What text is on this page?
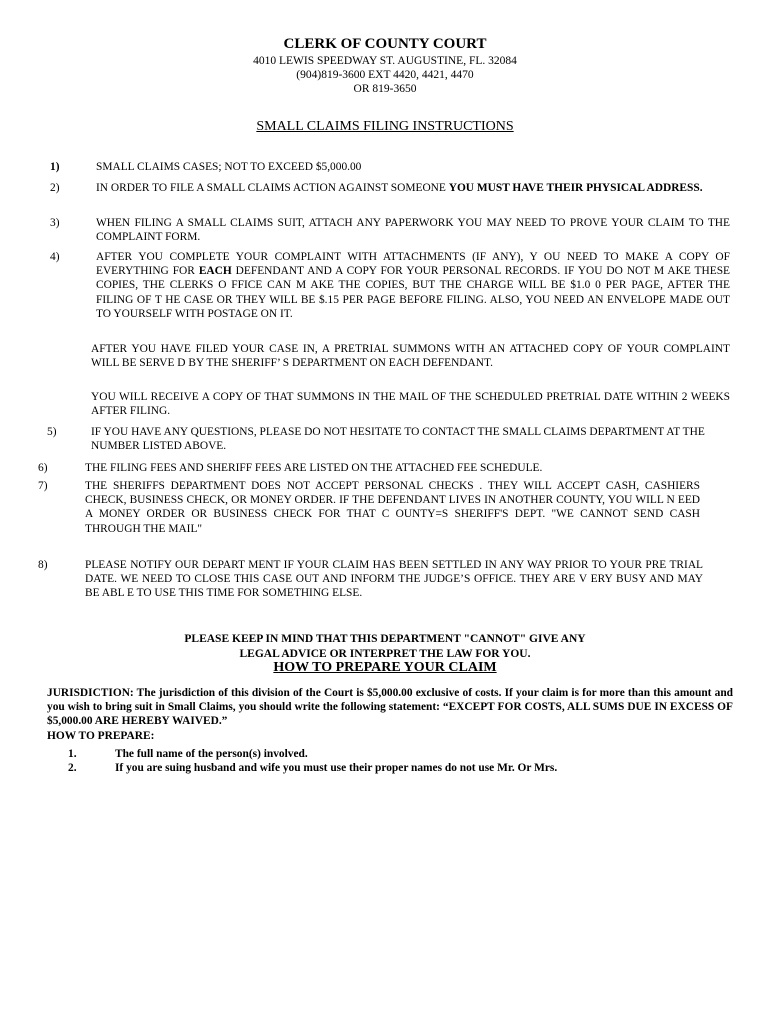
CLERK OF COUNTY COURT
4010 LEWIS SPEEDWAY ST. AUGUSTINE, FL. 32084
(904)819-3600 EXT 4420, 4421, 4470
OR 819-3650
SMALL CLAIMS FILING INSTRUCTIONS
1)	SMALL CLAIMS CASES; NOT TO EXCEED $5,000.00
2)	IN ORDER TO FILE A SMALL CLAIMS ACTION AGAINST SOMEONE YOU MUST HAVE THEIR PHYSICAL ADDRESS.
3)	WHEN FILING A SMALL CLAIMS SUIT, ATTACH ANY PAPERWORK YOU MAY NEED TO PROVE YOUR CLAIM TO THE COMPLAINT FORM.
4)	AFTER YOU COMPLETE YOUR COMPLAINT WITH ATTACHMENTS (IF ANY), Y OU NEED TO MAKE A COPY OF EVERYTHING FOR EACH DEFENDANT AND A COPY FOR YOUR PERSONAL RECORDS. IF YOU DO NOT M AKE THESE COPIES, THE CLERKS O FFICE CAN M AKE THE COPIES, BUT THE CHARGE WILL BE $1.0 0 PER PAGE, AFTER THE FILING OF T HE CASE OR THEY WILL BE $.15 PER PAGE BEFORE FILING. ALSO, YOU NEED AN ENVELOPE MADE OUT TO YOURSELF WITH POSTAGE ON IT.
AFTER YOU HAVE FILED YOUR CASE IN, A PRETRIAL SUMMONS WITH AN ATTACHED COPY OF YOUR COMPLAINT WILL BE SERVE D BY THE SHERIFF’ S DEPARTMENT ON EACH DEFENDANT.
YOU WILL RECEIVE A COPY OF THAT SUMMONS IN THE MAIL OF THE SCHEDULED PRETRIAL DATE WITHIN 2 WEEKS AFTER FILING.
5)	IF YOU HAVE ANY QUESTIONS, PLEASE DO NOT HESITATE TO CONTACT THE SMALL CLAIMS DEPARTMENT AT THE NUMBER LISTED ABOVE.
6)	THE FILING FEES AND SHERIFF FEES ARE LISTED ON THE ATTACHED FEE SCHEDULE.
7)	THE SHERIFFS DEPARTMENT DOES NOT ACCEPT PERSONAL CHECKS . THEY WILL ACCEPT CASH, CASHIERS CHECK, BUSINESS CHECK, OR MONEY ORDER. IF THE DEFENDANT LIVES IN ANOTHER COUNTY, YOU WILL N EED A MONEY ORDER OR BUSINESS CHECK FOR THAT C OUNTY=S SHERIFF'S DEPT. "WE CANNOT SEND CASH THROUGH THE MAIL"
8)	PLEASE NOTIFY OUR DEPART MENT IF YOUR CLAIM HAS BEEN SETTLED IN ANY WAY PRIOR TO YOUR PRE TRIAL DATE. WE NEED TO CLOSE THIS CASE OUT AND INFORM THE JUDGE’S OFFICE. THEY ARE V ERY BUSY AND MAY BE ABL E TO USE THIS TIME FOR SOMETHING ELSE.
PLEASE KEEP IN MIND THAT THIS DEPARTMENT "CANNOT" GIVE ANY
LEGAL ADVICE OR INTERPRET THE LAW FOR YOU.
HOW TO PREPARE YOUR CLAIM
JURISDICTION: The jurisdiction of this division of the Court is $5,000.00 exclusive of costs. If your claim is for more than this amount and you wish to bring suit in Small Claims, you should write the following statement: “EXCEPT FOR COSTS, ALL SUMS DUE IN EXCESS OF $5,000.00 ARE HEREBY WAIVED.”
HOW TO PREPARE:
1.	The full name of the person(s) involved.
2.	If you are suing husband and wife you must use their proper names do not use Mr. Or Mrs.
